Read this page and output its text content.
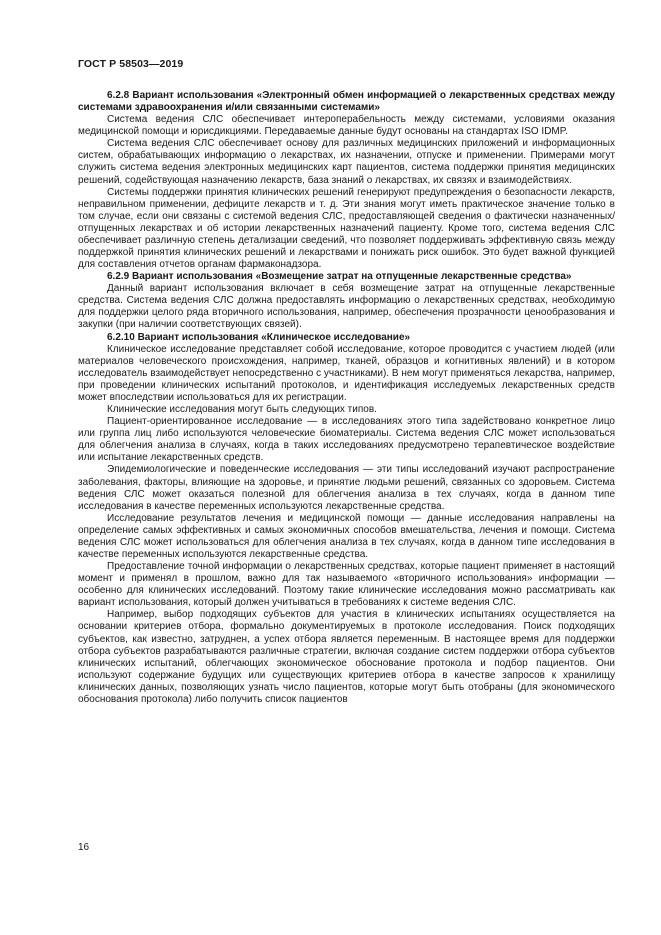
ГОСТ Р 58503—2019

6.2.8 Вариант использования «Электронный обмен информацией о лекарственных средствах между системами здравоохранения и/или связанными системами»

Система ведения СЛС обеспечивает интероперабельность между системами, условиями оказания медицинской помощи и юрисдикциями. Передаваемые данные будут основаны на стандартах ISO IDMP.

Система ведения СЛС обеспечивает основу для различных медицинских приложений и информационных систем, обрабатывающих информацию о лекарствах, их назначении, отпуске и применении. Примерами могут служить система ведения электронных медицинских карт пациентов, система поддержки принятия медицинских решений, содействующая назначению лекарств, база знаний о лекарствах, их связях и взаимодействиях.

Системы поддержки принятия клинических решений генерируют предупреждения о безопасности лекарств, неправильном применении, дефиците лекарств и т. д. Эти знания могут иметь практическое значение только в том случае, если они связаны с системой ведения СЛС, предоставляющей сведения о фактически назначенных/отпущенных лекарствах и об истории лекарственных назначений пациенту. Кроме того, система ведения СЛС обеспечивает различную степень детализации сведений, что позволяет поддерживать эффективную связь между поддержкой принятия клинических решений и лекарствами и понижать риск ошибок. Это будет важной функцией для составления отчетов органам фармаконадзора.

6.2.9 Вариант использования «Возмещение затрат на отпущенные лекарственные средства»

Данный вариант использования включает в себя возмещение затрат на отпущенные лекарственные средства. Система ведения СЛС должна предоставлять информацию о лекарственных средствах, необходимую для поддержки целого ряда вторичного использования, например, обеспечения прозрачности ценообразования и закупки (при наличии соответствующих связей).

6.2.10 Вариант использования «Клиническое исследование»

Клиническое исследование представляет собой исследование, которое проводится с участием людей (или материалов человеческого происхождения, например, тканей, образцов и когнитивных явлений) и в котором исследователь взаимодействует непосредственно с участниками). В нем могут применяться лекарства, например, при проведении клинических испытаний протоколов, и идентификация исследуемых лекарственных средств может впоследствии использоваться для их регистрации.

Клинические исследования могут быть следующих типов.

Пациент-ориентированное исследование — в исследованиях этого типа задействовано конкретное лицо или группа лиц либо используются человеческие биоматериалы. Система ведения СЛС может использоваться для облегчения анализа в случаях, когда в таких исследованиях предусмотрено терапевтическое воздействие или испытание лекарственных средств.

Эпидемиологические и поведенческие исследования — эти типы исследований изучают распространение заболевания, факторы, влияющие на здоровье, и принятие людьми решений, связанных со здоровьем. Система ведения СЛС может оказаться полезной для облегчения анализа в тех случаях, когда в данном типе исследования в качестве переменных используются лекарственные средства.

Исследование результатов лечения и медицинской помощи — данные исследования направлены на определение самых эффективных и самых экономичных способов вмешательства, лечения и помощи. Система ведения СЛС может использоваться для облегчения анализа в тех случаях, когда в данном типе исследования в качестве переменных используются лекарственные средства.

Предоставление точной информации о лекарственных средствах, которые пациент применяет в настоящий момент и применял в прошлом, важно для так называемого «вторичного использования» информации — особенно для клинических исследований. Поэтому такие клинические исследования можно рассматривать как вариант использования, который должен учитываться в требованиях к системе ведения СЛС.

Например, выбор подходящих субъектов для участия в клинических испытаниях осуществляется на основании критериев отбора, формально документируемых в протоколе исследования. Поиск подходящих субъектов, как известно, затруднен, а успех отбора является переменным. В настоящее время для поддержки отбора субъектов разрабатываются различные стратегии, включая создание систем поддержки отбора субъектов клинических испытаний, облегчающих экономическое обоснование протокола и подбор пациентов. Они используют содержание будущих или существующих критериев отбора в качестве запросов к хранилищу клинических данных, позволяющих узнать число пациентов, которые могут быть отобраны (для экономического обоснования протокола) либо получить список пациентов

16
